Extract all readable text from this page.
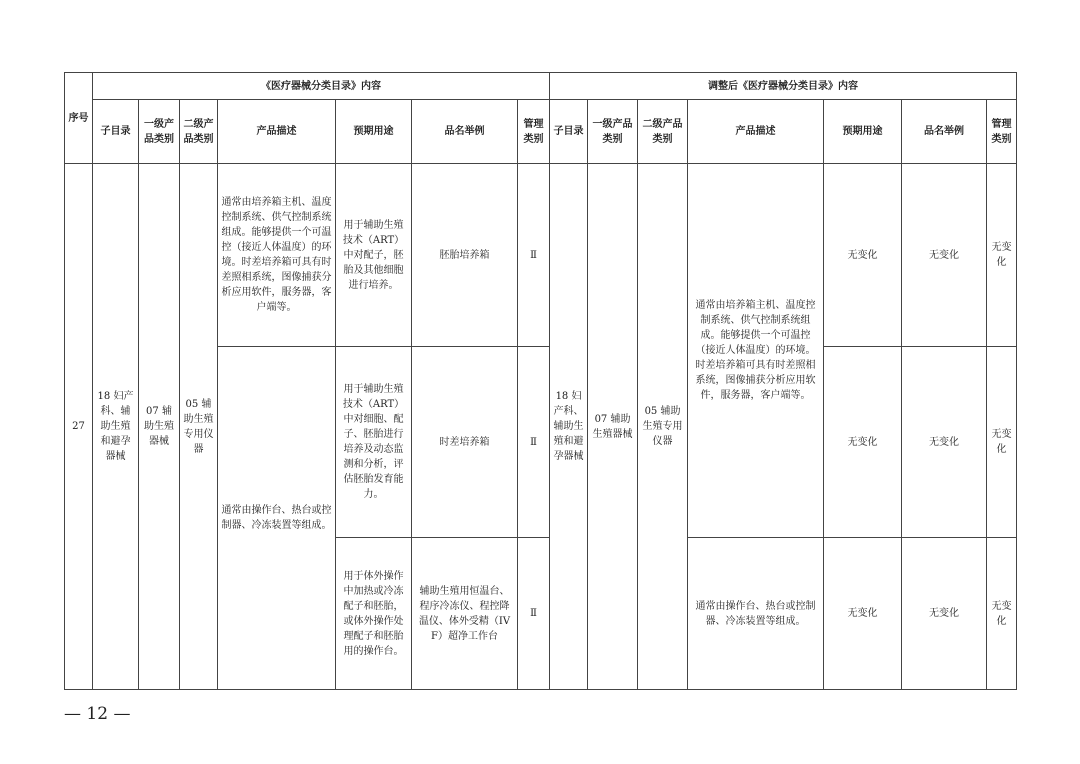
序号	《医疗器械分类目录》内容							调整后《医疗器械分类目录》内容						
	子目录	一级产品类别	二级产品类别	产品描述	预期用途	品名举例	管理类别	子目录	一级产品类别	二级产品类别	产品描述	预期用途	品名举例	管理类别
27	18 妇产科、辅助生殖和避孕器械	07 辅助生殖器械	05 辅助生殖专用仪器	通常由培养箱主机、温度控制系统、供气控制系统组成。能够提供一个可温控（接近人体温度）的环境。时差培养箱可具有时差照相系统，图像捕获分析应用软件，服务器，客户端等。	用于辅助生殖技术（ART）中对配子，胚胎及其他细胞进行培养。	胚胎培养箱	Ⅱ	18 妇产科、辅助生殖和避孕器械	07 辅助生殖器械	05 辅助生殖专用仪器	通常由培养箱主机、温度控制系统、供气控制系统组成。能够提供一个可温控（接近人体温度）的环境。时差培养箱可具有时差照相系统，图像捕获分析应用软件，服务器，客户端等。	无变化	无变化	无变化
				通常由操作台、热台或控制器、冷冻装置等组成。	用于辅助生殖技术（ART）中对细胞、配子、胚胎进行培养及动态监测和分析，评估胚胎发育能力。	时差培养箱	Ⅱ					无变化	无变化	无变化
					用于体外操作中加热或冷冻配子和胚胎，或体外操作处理配子和胚胎用的操作台。	辅助生殖用恒温台、程序冷冻仪、程控降温仪、体外受精（IVF）超净工作台	Ⅱ				通常由操作台、热台或控制器、冷冻装置等组成。	无变化	无变化	无变化
— 12 —
